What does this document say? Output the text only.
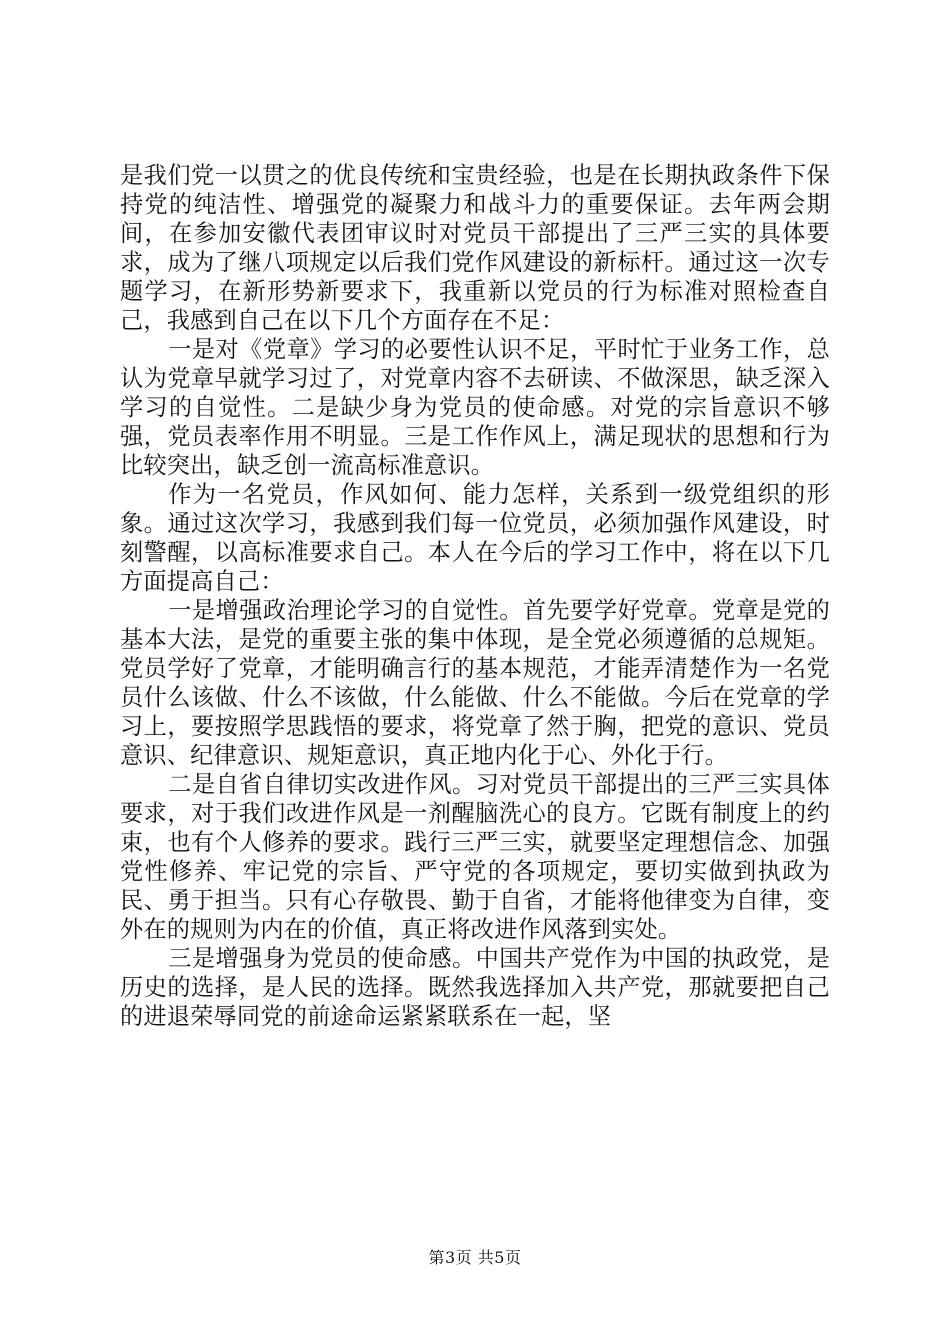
是我们党一以贯之的优良传统和宝贵经验，也是在长期执政条件下保持党的纯洁性、增强党的凝聚力和战斗力的重要保证。去年两会期间，在参加安徽代表团审议时对党员干部提出了三严三实的具体要求，成为了继八项规定以后我们党作风建设的新标杆。通过这一次专题学习，在新形势新要求下，我重新以党员的行为标准对照检查自己，我感到自己在以下几个方面存在不足：

一是对《党章》学习的必要性认识不足，平时忙于业务工作，总认为党章早就学习过了，对党章内容不去研读、不做深思，缺乏深入学习的自觉性。二是缺少身为党员的使命感。对党的宗旨意识不够强，党员表率作用不明显。三是工作作风上，满足现状的思想和行为比较突出，缺乏创一流高标准意识。

作为一名党员，作风如何、能力怎样，关系到一级党组织的形象。通过这次学习，我感到我们每一位党员，必须加强作风建设，时刻警醒，以高标准要求自己。本人在今后的学习工作中，将在以下几方面提高自己：

一是增强政治理论学习的自觉性。首先要学好党章。党章是党的基本大法，是党的重要主张的集中体现，是全党必须遵循的总规矩。党员学好了党章，才能明确言行的基本规范，才能弄清楚作为一名党员什么该做、什么不该做，什么能做、什么不能做。今后在党章的学习上，要按照学思践悟的要求，将党章了然于胸，把党的意识、党员意识、纪律意识、规矩意识，真正地内化于心、外化于行。

二是自省自律切实改进作风。习对党员干部提出的三严三实具体要求，对于我们改进作风是一剂醒脑洗心的良方。它既有制度上的约束，也有个人修养的要求。践行三严三实，就要坚定理想信念、加强党性修养、牢记党的宗旨、严守党的各项规定，要切实做到执政为民、勇于担当。只有心存敬畏、勤于自省，才能将他律变为自律，变外在的规则为内在的价值，真正将改进作风落到实处。

三是增强身为党员的使命感。中国共产党作为中国的执政党，是历史的选择，是人民的选择。既然我选择加入共产党，那就要把自己的进退荣辱同党的前途命运紧紧联系在一起，坚

第3页 共5页
